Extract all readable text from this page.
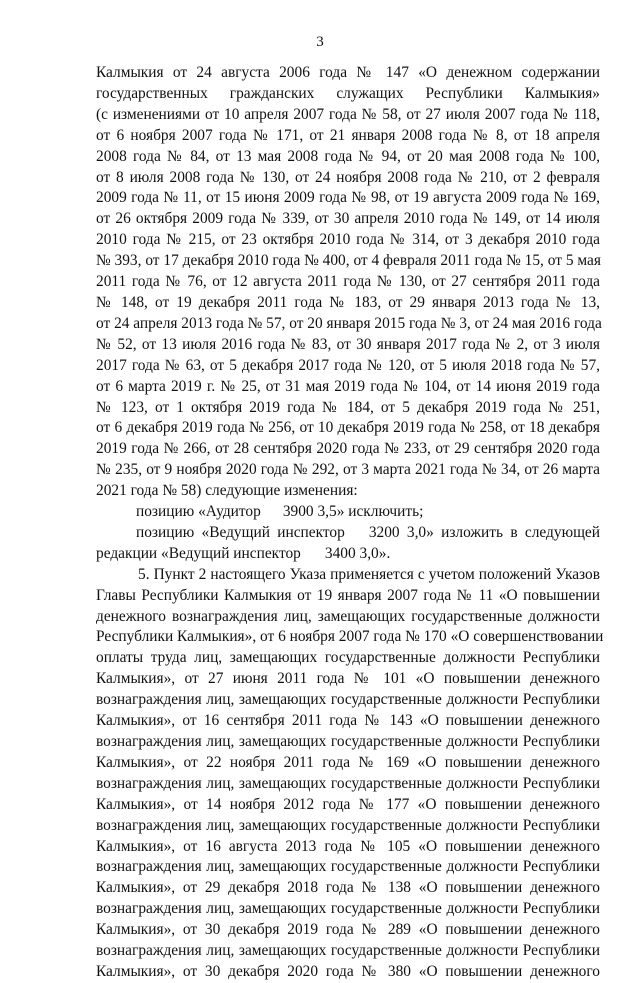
3
Калмыкия от 24 августа 2006 года № 147 «О денежном содержании
государственных гражданских служащих Республики Калмыкия»
(с изменениями от 10 апреля 2007 года № 58, от 27 июля 2007 года № 118,
от 6 ноября 2007 года № 171, от 21 января 2008 года № 8, от 18 апреля
2008 года № 84, от 13 мая 2008 года № 94, от 20 мая 2008 года № 100,
от 8 июля 2008 года № 130, от 24 ноября 2008 года № 210, от 2 февраля
2009 года № 11, от 15 июня 2009 года № 98, от 19 августа 2009 года № 169,
от 26 октября 2009 года № 339, от 30 апреля 2010 года № 149, от 14 июля
2010 года № 215, от 23 октября 2010 года № 314, от 3 декабря 2010 года
№ 393, от 17 декабря 2010 года № 400, от 4 февраля 2011 года № 15, от 5 мая
2011 года № 76, от 12 августа 2011 года № 130, от 27 сентября 2011 года
№ 148, от 19 декабря 2011 года № 183, от 29 января 2013 года № 13,
от 24 апреля 2013 года № 57, от 20 января 2015 года № 3, от 24 мая 2016 года
№ 52, от 13 июля 2016 года № 83, от 30 января 2017 года № 2, от 3 июля
2017 года № 63, от 5 декабря 2017 года № 120, от 5 июля 2018 года № 57,
от 6 марта 2019 г. № 25, от 31 мая 2019 года № 104, от 14 июня 2019 года
№ 123, от 1 октября 2019 года № 184, от 5 декабря 2019 года № 251,
от 6 декабря 2019 года № 256, от 10 декабря 2019 года № 258, от 18 декабря
2019 года № 266, от 28 сентября 2020 года № 233, от 29 сентября 2020 года
№ 235, от 9 ноября 2020 года № 292, от 3 марта 2021 года № 34, от 26 марта
2021 года № 58) следующие изменения:
позицию «Аудитор 3900 3,5» исключить;
позицию «Ведущий инспектор 3200 3,0» изложить в следующей
редакции «Ведущий инспектор 3400 3,0».
5. Пункт 2 настоящего Указа применяется с учетом положений Указов
Главы Республики Калмыкия от 19 января 2007 года № 11 «О повышении
денежного вознаграждения лиц, замещающих государственные должности
Республики Калмыкия», от 6 ноября 2007 года № 170 «О совершенствовании
оплаты труда лиц, замещающих государственные должности Республики
Калмыкия», от 27 июня 2011 года № 101 «О повышении денежного
вознаграждения лиц, замещающих государственные должности Республики
Калмыкия», от 16 сентября 2011 года № 143 «О повышении денежного
вознаграждения лиц, замещающих государственные должности Республики
Калмыкия», от 22 ноября 2011 года № 169 «О повышении денежного
вознаграждения лиц, замещающих государственные должности Республики
Калмыкия», от 14 ноября 2012 года № 177 «О повышении денежного
вознаграждения лиц, замещающих государственные должности Республики
Калмыкия», от 16 августа 2013 года № 105 «О повышении денежного
вознаграждения лиц, замещающих государственные должности Республики
Калмыкия», от 29 декабря 2018 года № 138 «О повышении денежного
вознаграждения лиц, замещающих государственные должности Республики
Калмыкия», от 30 декабря 2019 года № 289 «О повышении денежного
вознаграждения лиц, замещающих государственные должности Республики
Калмыкия», от 30 декабря 2020 года № 380 «О повышении денежного
